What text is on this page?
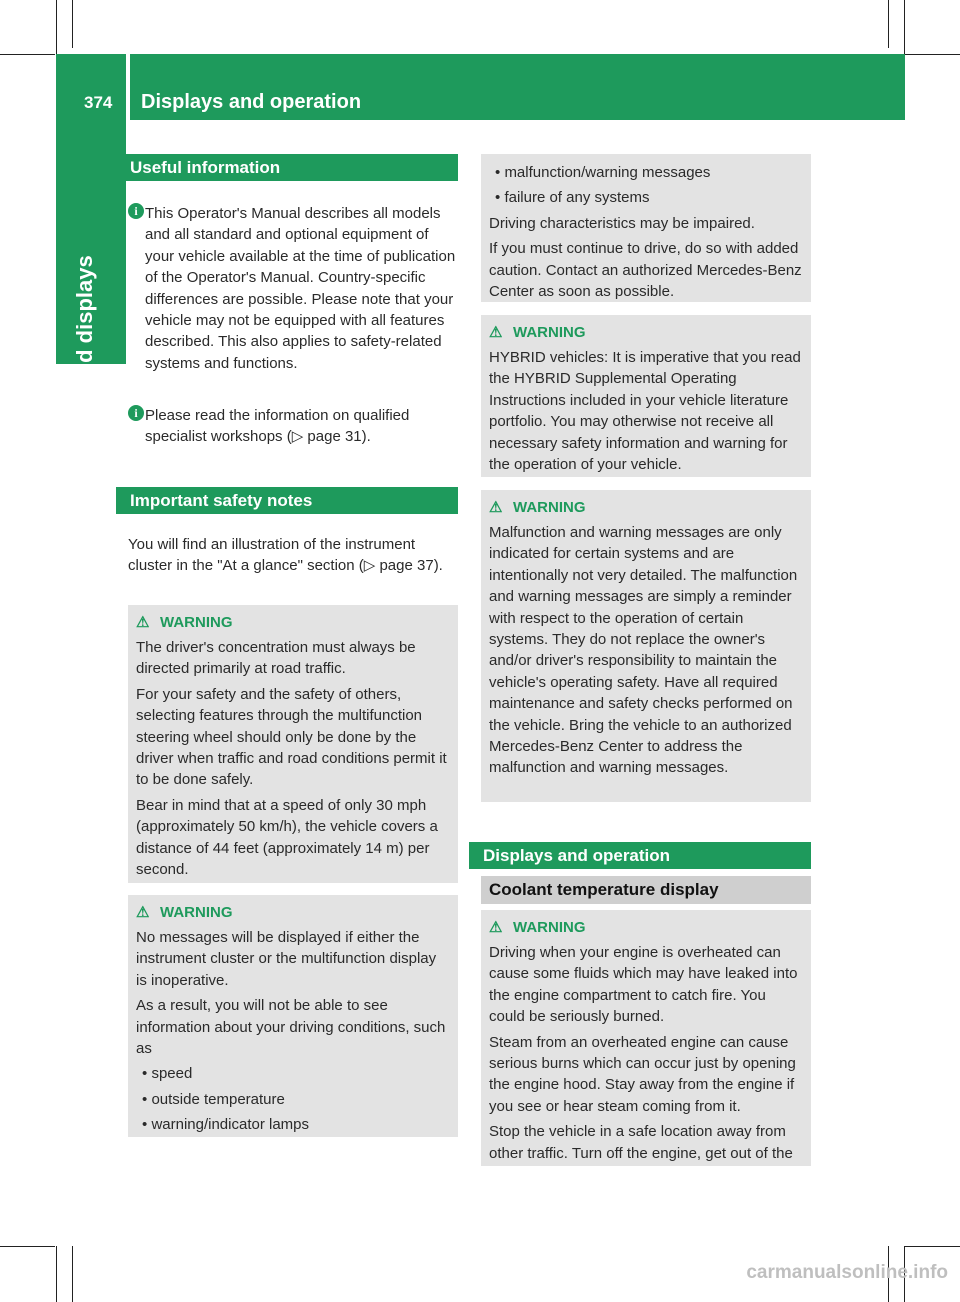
374 Displays and operation
On-board computer and displays
Useful information
i This Operator's Manual describes all models and all standard and optional equipment of your vehicle available at the time of publication of the Operator's Manual. Country-specific differences are possible. Please note that your vehicle may not be equipped with all features described. This also applies to safety-related systems and functions.
i Please read the information on qualified specialist workshops (▷ page 31).
Important safety notes
You will find an illustration of the instrument cluster in the "At a glance" section (▷ page 37).
⚠ WARNING

The driver's concentration must always be directed primarily at road traffic.

For your safety and the safety of others, selecting features through the multifunction steering wheel should only be done by the driver when traffic and road conditions permit it to be done safely.

Bear in mind that at a speed of only 30 mph (approximately 50 km/h), the vehicle covers a distance of 44 feet (approximately 14 m) per second.

⚠ WARNING

No messages will be displayed if either the instrument cluster or the multifunction display is inoperative.

As a result, you will not be able to see information about your driving conditions, such as

• speed
• outside temperature
• warning/indicator lamps
• malfunction/warning messages
• failure of any systems

Driving characteristics may be impaired.

If you must continue to drive, do so with added caution. Contact an authorized Mercedes-Benz Center as soon as possible.

⚠ WARNING

HYBRID vehicles: It is imperative that you read the HYBRID Supplemental Operating Instructions included in your vehicle literature portfolio. You may otherwise not receive all necessary safety information and warning for the operation of your vehicle.

⚠ WARNING

Malfunction and warning messages are only indicated for certain systems and are intentionally not very detailed. The malfunction and warning messages are simply a reminder with respect to the operation of certain systems. They do not replace the owner's and/or driver's responsibility to maintain the vehicle's operating safety. Have all required maintenance and safety checks performed on the vehicle. Bring the vehicle to an authorized Mercedes-Benz Center to address the malfunction and warning messages.

Displays and operation
Coolant temperature display
⚠ WARNING

Driving when your engine is overheated can cause some fluids which may have leaked into the engine compartment to catch fire. You could be seriously burned.

Steam from an overheated engine can cause serious burns which can occur just by opening the engine hood. Stay away from the engine if you see or hear steam coming from it.

Stop the vehicle in a safe location away from other traffic. Turn off the engine, get out of the

carmanualsonline.info
